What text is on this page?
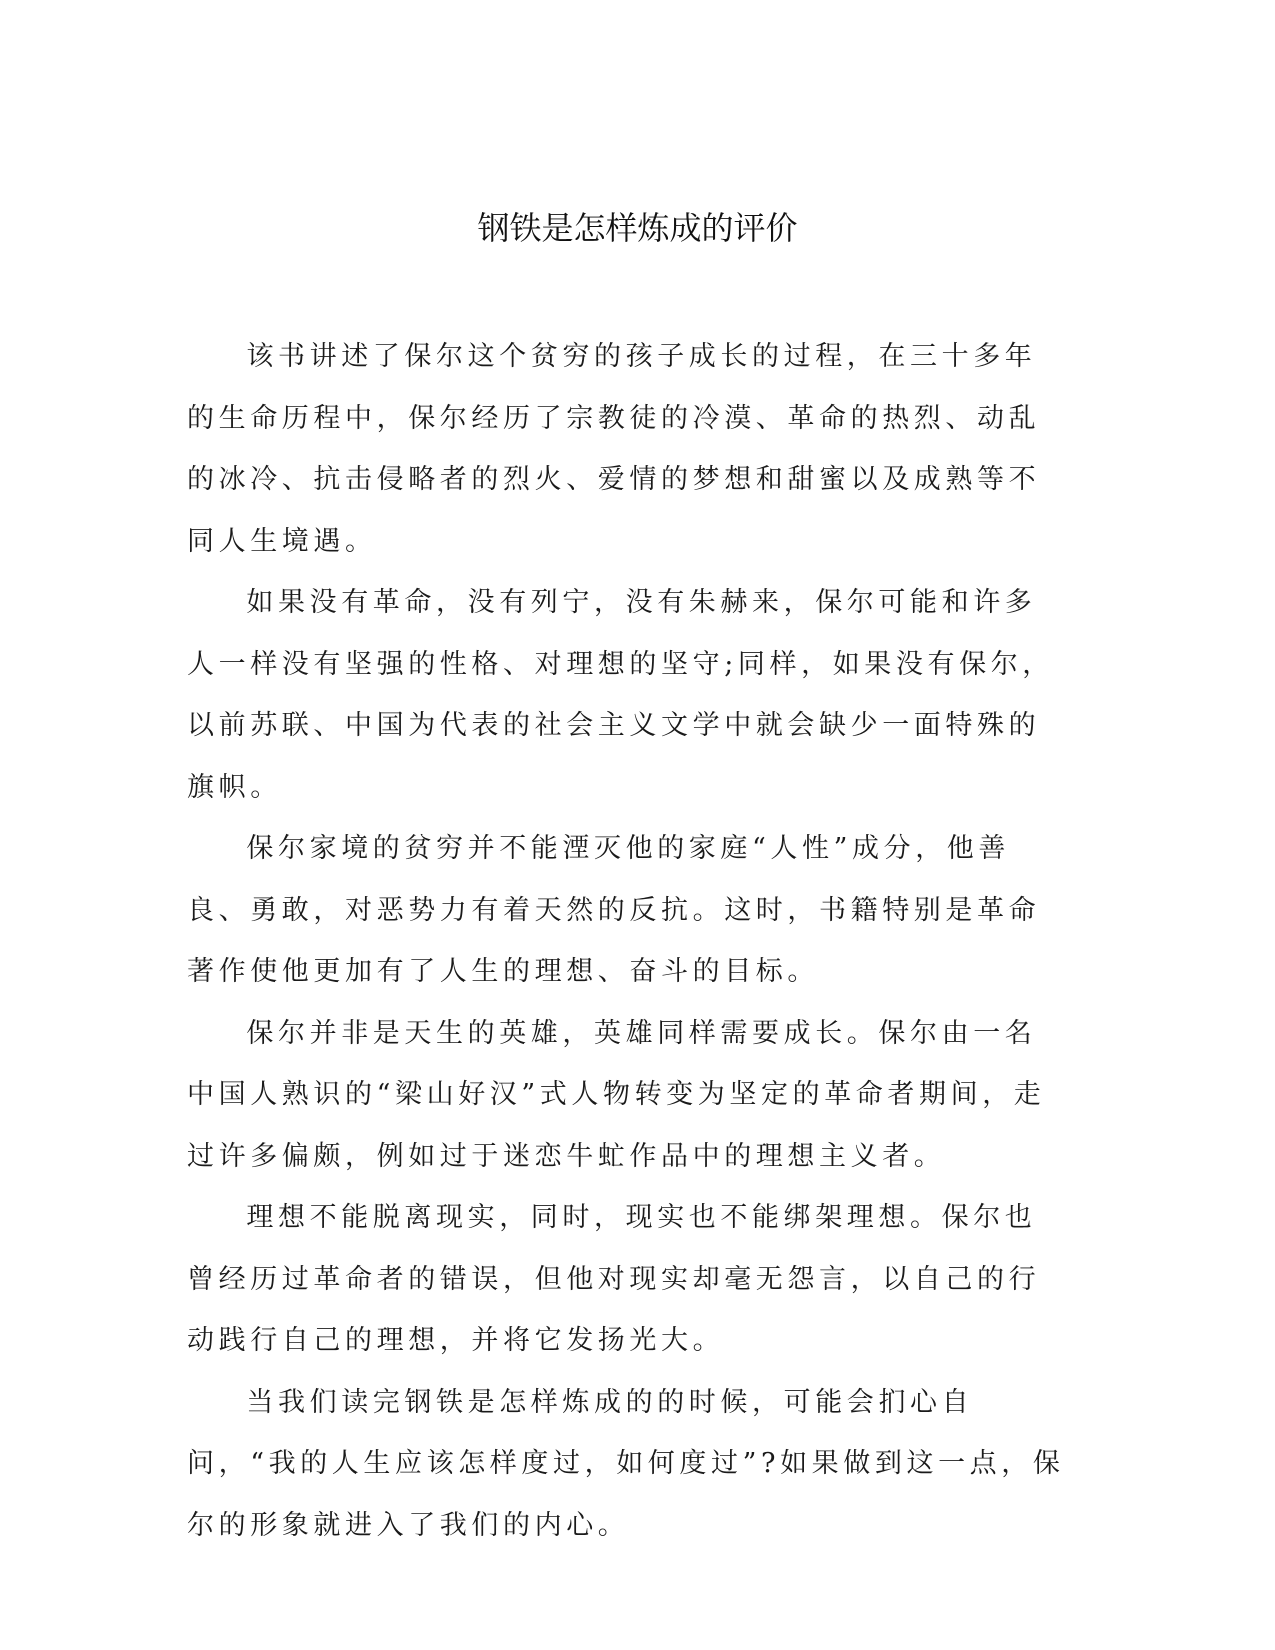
钢铁是怎样炼成的评价

该书讲述了保尔这个贫穷的孩子成长的过程，在三十多年的生命历程中，保尔经历了宗教徒的冷漠、革命的热烈、动乱的冰冷、抗击侵略者的烈火、爱情的梦想和甜蜜以及成熟等不同人生境遇。

如果没有革命，没有列宁，没有朱赫来，保尔可能和许多人一样没有坚强的性格、对理想的坚守;同样，如果没有保尔，以前苏联、中国为代表的社会主义文学中就会缺少一面特殊的旗帜。

保尔家境的贫穷并不能湮灭他的家庭“人性”成分，他善良、勇敢，对恶势力有着天然的反抗。这时，书籍特别是革命著作使他更加有了人生的理想、奋斗的目标。

保尔并非是天生的英雄，英雄同样需要成长。保尔由一名中国人熟识的“梁山好汉”式人物转变为坚定的革命者期间，走过许多偏颇，例如过于迷恋牛虻作品中的理想主义者。

理想不能脱离现实，同时，现实也不能绑架理想。保尔也曾经历过革命者的错误，但他对现实却毫无怨言，以自己的行动践行自己的理想，并将它发扬光大。

当我们读完钢铁是怎样炼成的的时候，可能会扪心自问，“我的人生应该怎样度过，如何度过”?如果做到这一点，保尔的形象就进入了我们的内心。
